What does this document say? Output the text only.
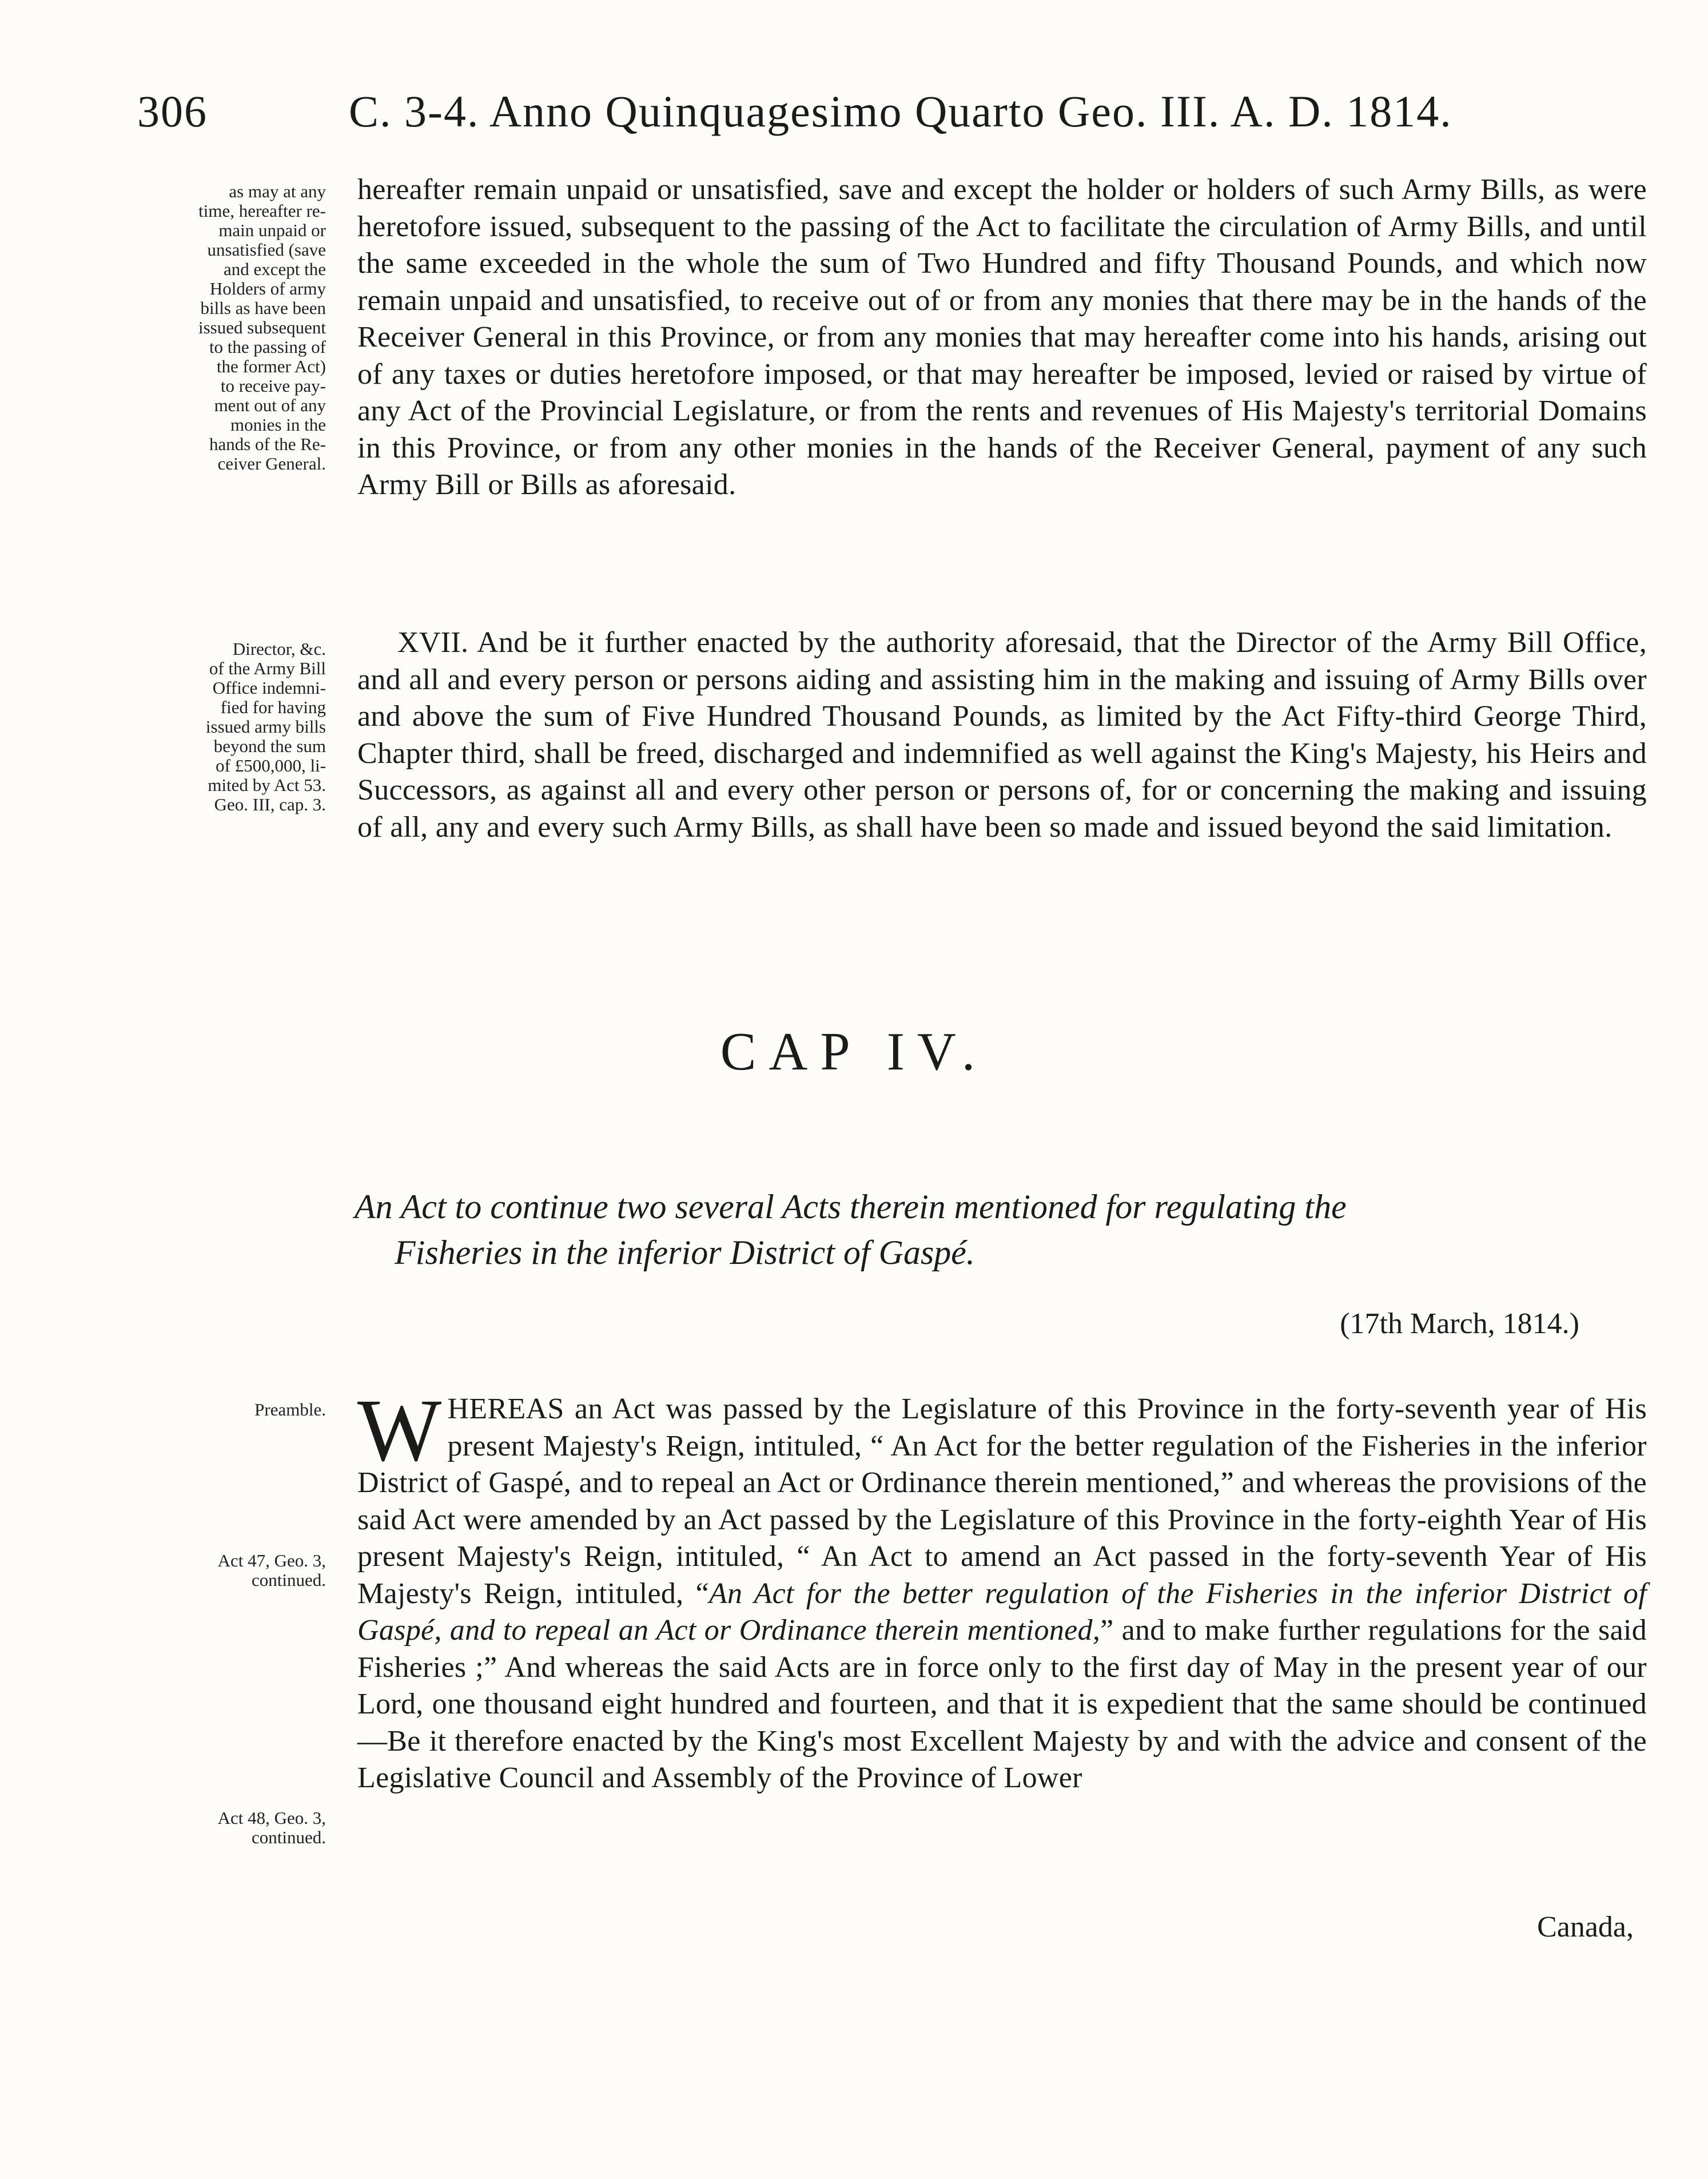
306	C. 3-4. Anno Quinquagesimo Quarto Geo. III. A. D. 1814.
as may at any
time, hereafter re-
main unpaid or
unsatisfied (save
and except the
Holders of army
bills as have been
issued subsequent
to the passing of
the former Act)
to receive pay-
ment out of any
monies in the
hands of the Re-
ceiver General.
hereafter remain unpaid or unsatisfied, save and except the holder or holders of such Army Bills, as were heretofore issued, subsequent to the passing of the Act to facilitate the circulation of Army Bills, and until the same exceeded in the whole the sum of Two Hundred and fifty Thousand Pounds, and which now remain unpaid and unsatisfied, to receive out of or from any monies that there may be in the hands of the Receiver General in this Province, or from any monies that may hereafter come into his hands, arising out of any taxes or duties heretofore imposed, or that may hereafter be imposed, levied or raised by virtue of any Act of the Provincial Legislature, or from the rents and revenues of His Majesty's territorial Domains in this Province, or from any other monies in the hands of the Receiver General, payment of any such Army Bill or Bills as aforesaid.
Director, &c.
of the Army Bill
Office indemni-
fied for having
issued army bills
beyond the sum
of £500,000, li-
mited by Act 53.
Geo. III, cap. 3.
XVII. And be it further enacted by the authority aforesaid, that the Director of the Army Bill Office, and all and every person or persons aiding and assisting him in the making and issuing of Army Bills over and above the sum of Five Hundred Thousand Pounds, as limited by the Act Fifty-third George Third, Chapter third, shall be freed, discharged and indemnified as well against the King's Majesty, his Heirs and Successors, as against all and every other person or persons of, for or concerning the making and issuing of all, any and every such Army Bills, as shall have been so made and issued beyond the said limitation.
CAP IV.
An Act to continue two several Acts therein mentioned for regulating the
Fisheries in the inferior District of Gaspé.
(17th March, 1814.)
Preamble.
Act 47, Geo. 3,
continued.
Act 48, Geo. 3,
continued.
WHEREAS an Act was passed by the Legislature of this Province in the forty-seventh year of His present Majesty's Reign, intituled, “ An Act for the better regulation of the Fisheries in the inferior District of Gaspé, and to repeal an Act or Ordinance therein mentioned,” and whereas the provisions of the said Act were amended by an Act passed by the Legislature of this Province in the forty-eighth Year of His present Majesty's Reign, intituled, “ An Act to amend an Act passed in the forty-seventh Year of His Majesty's Reign, intituled, “An Act for the better regulation of the Fisheries in the inferior District of Gaspé, and to repeal an Act or Ordinance therein mentioned,” and to make further regulations for the said Fisheries ;” And whereas the said Acts are in force only to the first day of May in the present year of our Lord, one thousand eight hundred and fourteen, and that it is expedient that the same should be continued—Be it therefore enacted by the King's most Excellent Majesty by and with the advice and consent of the Legislative Council and Assembly of the Province of Lower
Canada,
